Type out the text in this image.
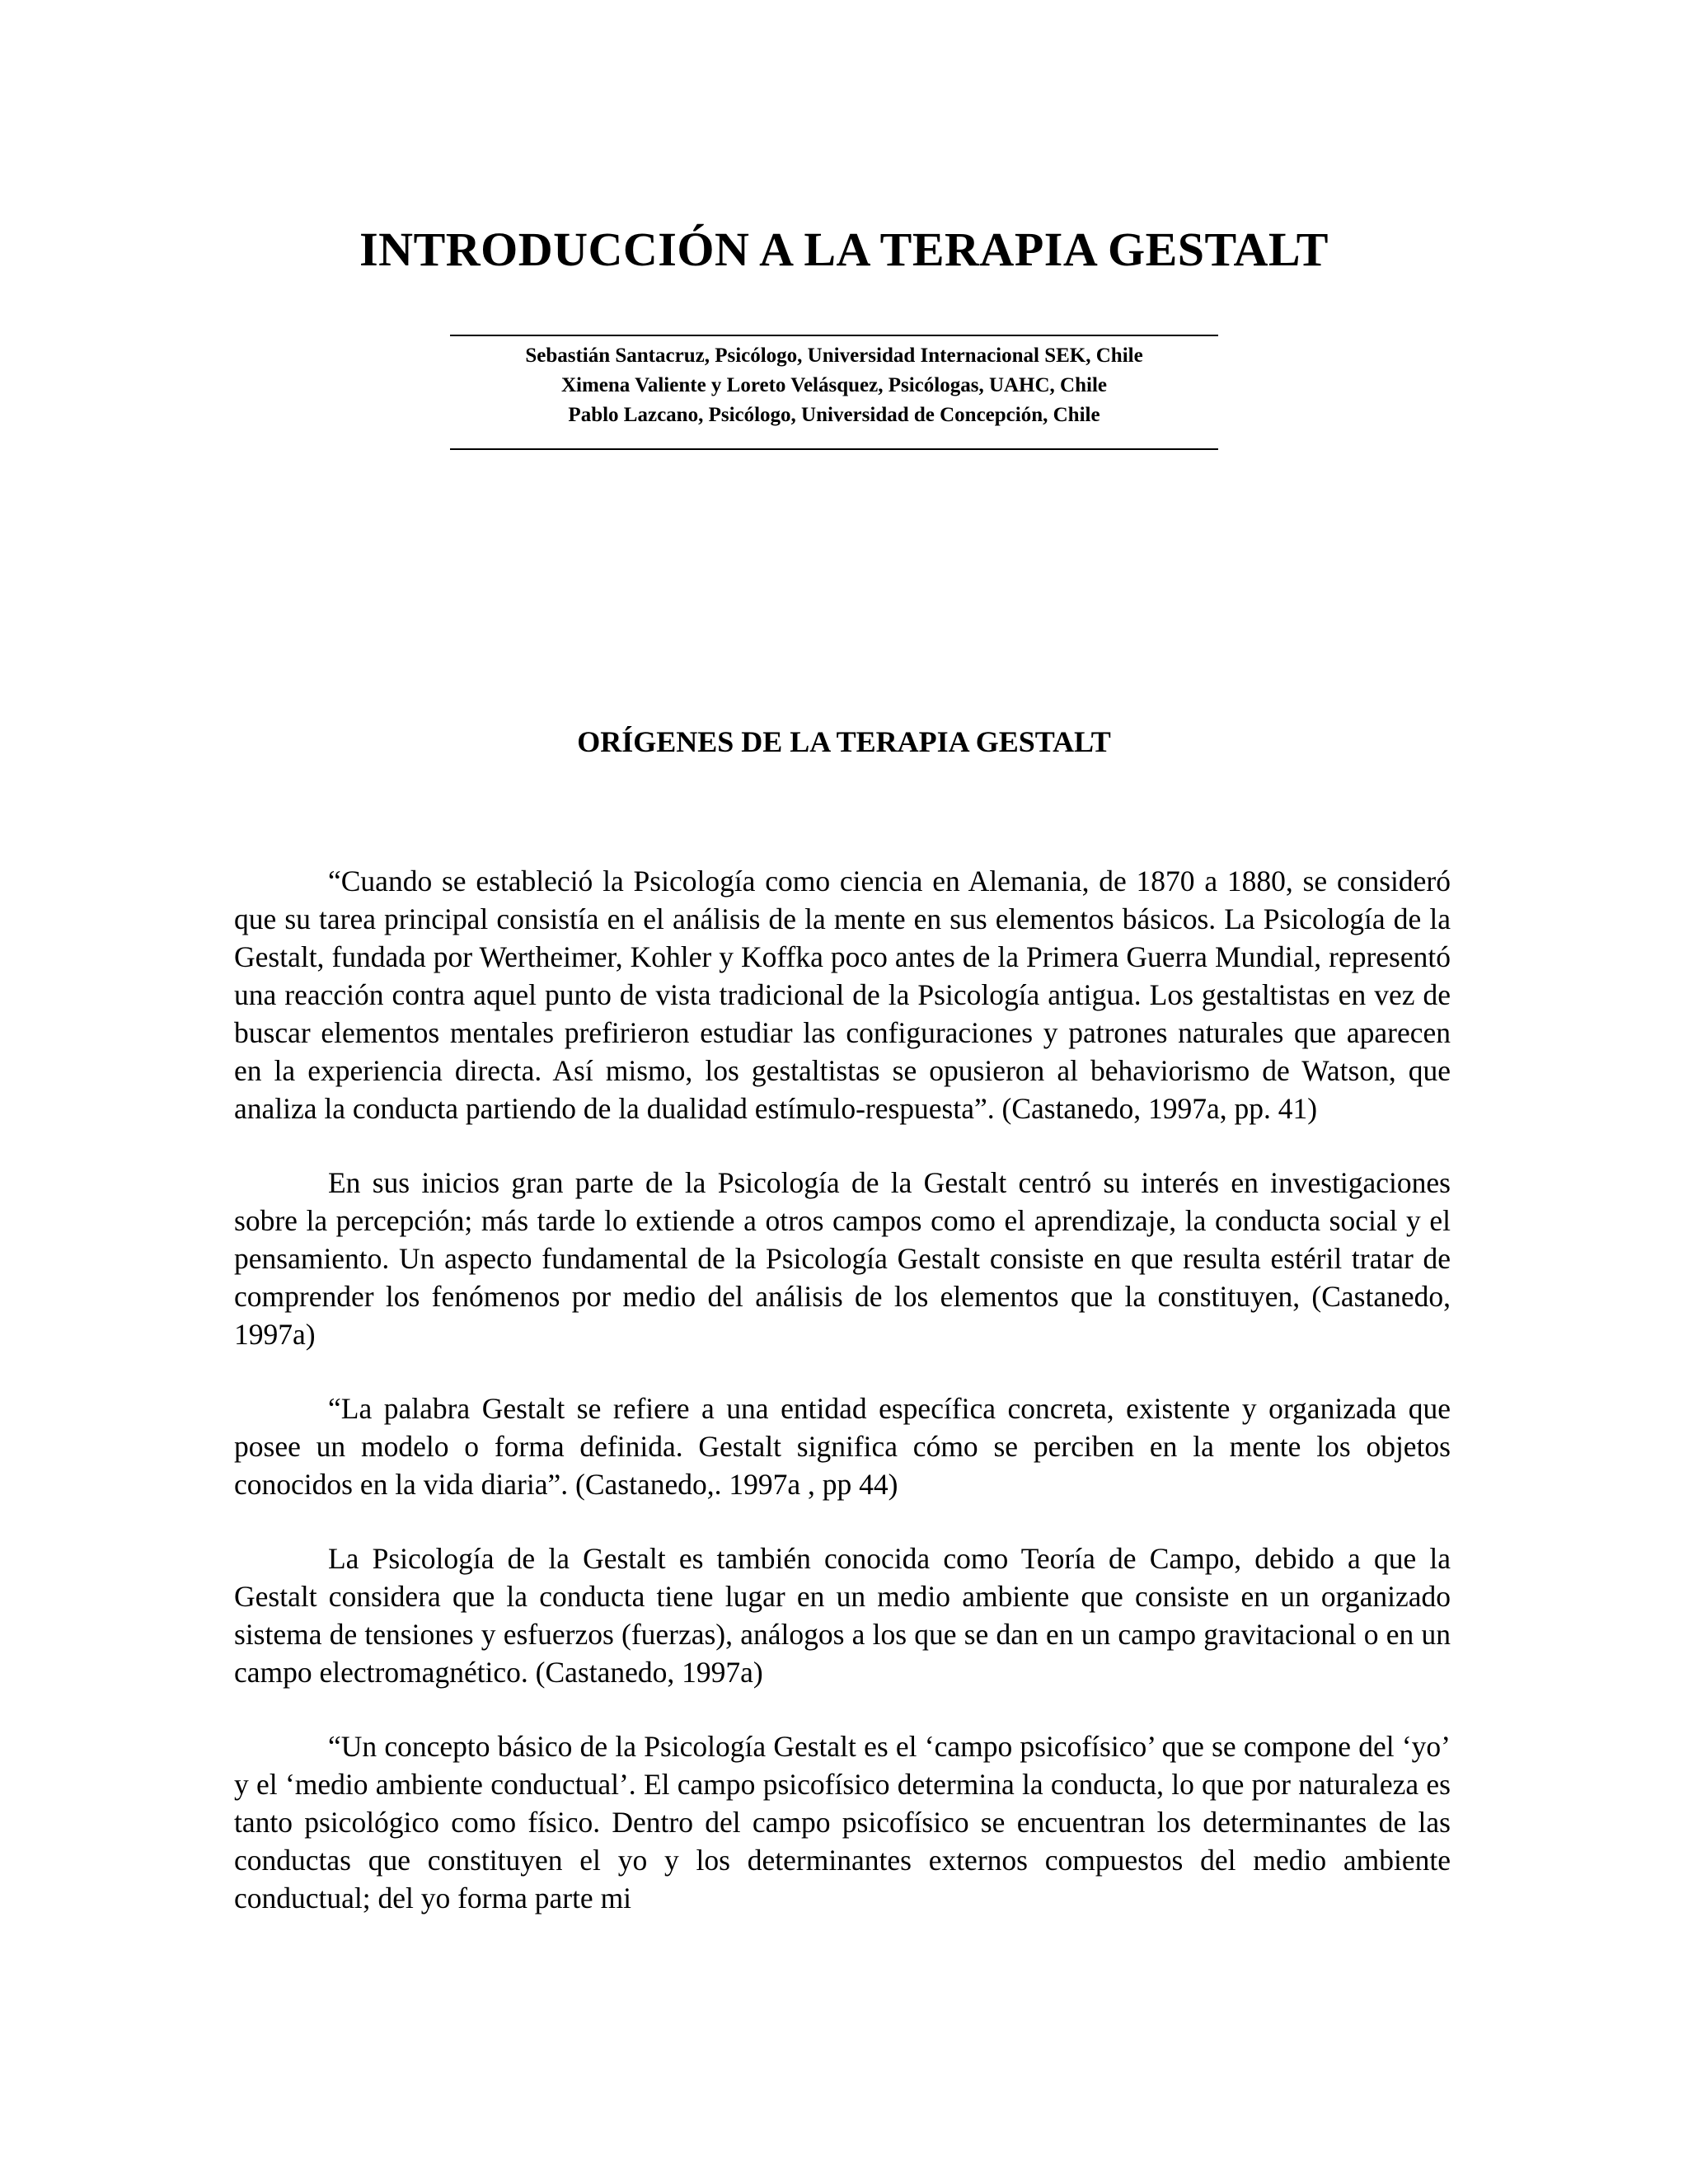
INTRODUCCIÓN A LA TERAPIA GESTALT
Sebastián Santacruz, Psicólogo, Universidad Internacional SEK, Chile
Ximena Valiente y Loreto Velásquez, Psicólogas, UAHC, Chile
Pablo Lazcano, Psicólogo, Universidad de Concepción, Chile
ORÍGENES DE LA TERAPIA GESTALT

“Cuando se estableció la Psicología como ciencia en Alemania, de 1870 a 1880, se consideró que su tarea principal consistía en el análisis de la mente en sus elementos básicos. La Psicología de la Gestalt, fundada por Wertheimer, Kohler y Koffka poco antes de la Primera Guerra Mundial, representó una reacción contra aquel punto de vista tradicional de la Psicología antigua. Los gestaltistas en vez de buscar elementos mentales prefirieron estudiar las configuraciones y patrones naturales que aparecen en la experiencia directa. Así mismo, los gestaltistas se opusieron al behaviorismo de Watson, que analiza la conducta partiendo de la dualidad estímulo-respuesta”. (Castanedo, 1997a, pp. 41)

En sus inicios gran parte de la Psicología de la Gestalt centró su interés en investigaciones sobre la percepción; más tarde lo extiende a otros campos como el aprendizaje, la conducta social y el pensamiento. Un aspecto fundamental de la Psicología Gestalt consiste en que resulta estéril tratar de comprender los fenómenos por medio del análisis de los elementos que la constituyen, (Castanedo, 1997a)

“La palabra Gestalt se refiere a una entidad específica concreta, existente y organizada que posee un modelo o forma definida. Gestalt significa cómo se perciben en la mente los objetos conocidos en la vida diaria”. (Castanedo,. 1997a , pp 44)

La Psicología de la Gestalt es también conocida como Teoría de Campo, debido a que la Gestalt considera que la conducta tiene lugar en un medio ambiente que consiste en un organizado sistema de tensiones y esfuerzos (fuerzas), análogos a los que se dan en un campo gravitacional o en un campo electromagnético. (Castanedo, 1997a)

“Un concepto básico de la Psicología Gestalt es el ‘campo psicofísico’ que se compone del ‘yo’ y el ‘medio ambiente conductual’. El campo psicofísico determina la conducta, lo que por naturaleza es tanto psicológico como físico. Dentro del campo psicofísico se encuentran los determinantes de las conductas que constituyen el yo y los determinantes externos compuestos del medio ambiente conductual; del yo forma parte mi
